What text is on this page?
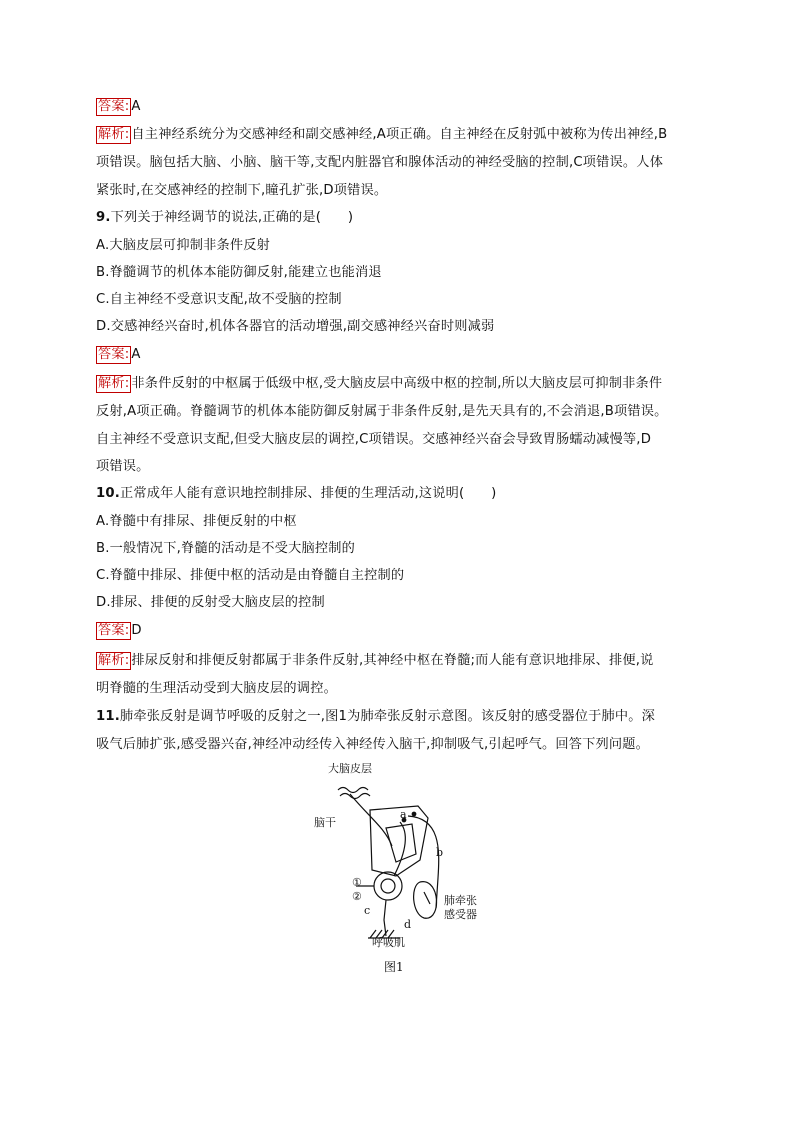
答案: A
解析: 自主神经系统分为交感神经和副交感神经,A项正确。自主神经在反射弧中被称为传出神经,B
项错误。脑包括大脑、小脑、脑干等,支配内脏器官和腺体活动的神经受脑的控制,C项错误。人体
紧张时,在交感神经的控制下,瞳孔扩张,D项错误。
9.下列关于神经调节的说法,正确的是(　　)
A.大脑皮层可抑制非条件反射
B.脊髓调节的机体本能防御反射,能建立也能消退
C.自主神经不受意识支配,故不受脑的控制
D.交感神经兴奋时,机体各器官的活动增强,副交感神经兴奋时则减弱
答案: A
解析: 非条件反射的中枢属于低级中枢,受大脑皮层中高级中枢的控制,所以大脑皮层可抑制非条件
反射,A项正确。脊髓调节的机体本能防御反射属于非条件反射,是先天具有的,不会消退,B项错误。
自主神经不受意识支配,但受大脑皮层的调控,C项错误。交感神经兴奋会导致胃肠蠕动减慢等,D
项错误。
10.正常成年人能有意识地控制排尿、排便的生理活动,这说明(　　)
A.脊髓中有排尿、排便反射的中枢
B.一般情况下,脊髓的活动是不受大脑控制的
C.脊髓中排尿、排便中枢的活动是由脊髓自主控制的
D.排尿、排便的反射受大脑皮层的控制
答案: D
解析: 排尿反射和排便反射都属于非条件反射,其神经中枢在脊髓;而人能有意识地排尿、排便,说
明脊髓的生理活动受到大脑皮层的调控。
11.肺牵张反射是调节呼吸的反射之一,图1为肺牵张反射示意图。该反射的感受器位于肺中。深
吸气后肺扩张,感受器兴奋,神经冲动经传入神经传入脑干,抑制吸气,引起呼气。回答下列问题。
大脑皮层
脑干
a
b
①
②
c
d
肺牵张
感受器
呼吸肌
图1
